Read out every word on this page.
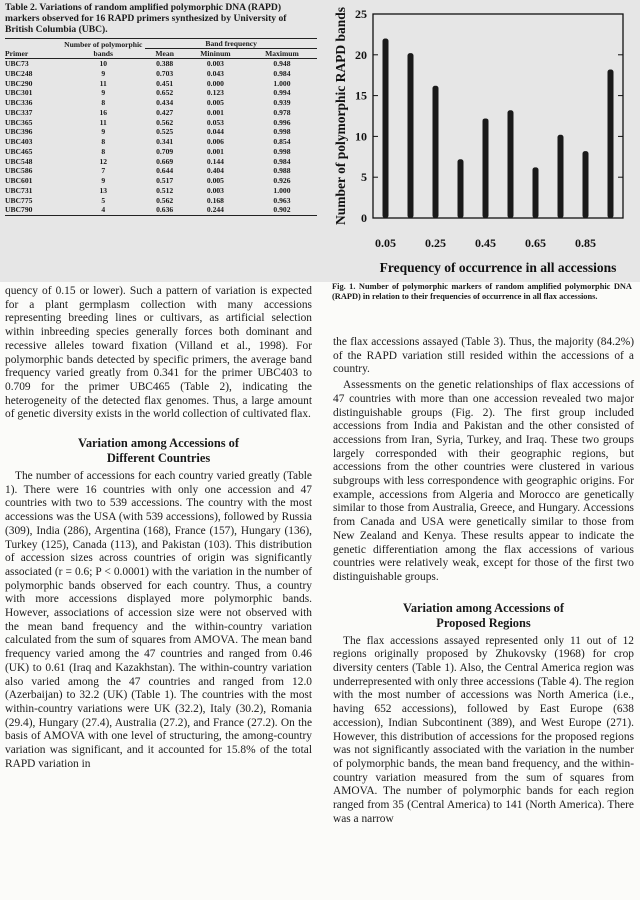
Table 2. Variations of random amplified polymorphic DNA (RAPD) markers observed for 16 RAPD primers synthesized by University of British Columbia (UBC).

Primer	Number of polymorphic bands	Band frequency		
		Mean	Mininum	Maximum

UBC73	10	0.388	0.003	0.948
UBC248	9	0.703	0.043	0.984
UBC290	11	0.451	0.000	1.000
UBC301	9	0.652	0.123	0.994
UBC336	8	0.434	0.005	0.939
UBC337	16	0.427	0.001	0.978
UBC365	11	0.562	0.053	0.996
UBC396	9	0.525	0.044	0.998
UBC403	8	0.341	0.006	0.854
UBC465	8	0.709	0.001	0.998
UBC548	12	0.669	0.144	0.984
UBC586	7	0.644	0.404	0.988
UBC601	9	0.517	0.005	0.926
UBC731	13	0.512	0.003	1.000
UBC775	5	0.562	0.168	0.963
UBC790	4	0.636	0.244	0.902

0
5
10
15
20
25
0.05 0.25 0.45 0.65 0.85
Frequency of occurrence in all accessions
Number of polymorphic RAPD bands
Fig. 1. Number of polymorphic markers of random amplified polymorphic DNA (RAPD) in relation to their frequencies of occurrence in all flax accessions.

quency of 0.15 or lower). Such a pattern of variation is expected for a plant germplasm collection with many accessions representing breeding lines or cultivars, as artificial selection within inbreeding species generally forces both dominant and recessive alleles toward fixation (Villand et al., 1998). For polymorphic bands detected by specific primers, the average band frequency varied greatly from 0.341 for the primer UBC403 to 0.709 for the primer UBC465 (Table 2), indicating the heterogeneity of the detected flax genomes. Thus, a large amount of genetic diversity exists in the world collection of cultivated flax.

Variation among Accessions of
Different Countries

The number of accessions for each country varied greatly (Table 1). There were 16 countries with only one accession and 47 countries with two to 539 accessions. The country with the most accessions was the USA (with 539 accessions), followed by Russia (309), India (286), Argentina (168), France (157), Hungary (136), Turkey (125), Canada (113), and Pakistan (103). This distribution of accession sizes across countries of origin was significantly associated (r = 0.6; P < 0.0001) with the variation in the number of polymorphic bands observed for each country. Thus, a country with more accessions displayed more polymorphic bands. However, associations of accession size were not observed with the mean band frequency and the within-country variation calculated from the sum of squares from AMOVA. The mean band frequency varied among the 47 countries and ranged from 0.46 (UK) to 0.61 (Iraq and Kazakhstan). The within-country variation also varied among the 47 countries and ranged from 12.0 (Azerbaijan) to 32.2 (UK) (Table 1). The countries with the most within-country variations were UK (32.2), Italy (30.2), Romania (29.4), Hungary (27.4), Australia (27.2), and France (27.2). On the basis of AMOVA with one level of structuring, the among-country variation was significant, and it accounted for 15.8% of the total RAPD variation in

the flax accessions assayed (Table 3). Thus, the majority (84.2%) of the RAPD variation still resided within the accessions of a country.

Assessments on the genetic relationships of flax accessions of 47 countries with more than one accession revealed two major distinguishable groups (Fig. 2). The first group included accessions from India and Pakistan and the other consisted of accessions from Iran, Syria, Turkey, and Iraq. These two groups largely corresponded with their geographic regions, but accessions from the other countries were clustered in various subgroups with less correspondence with geographic origins. For example, accessions from Algeria and Morocco are genetically similar to those from Australia, Greece, and Hungary. Accessions from Canada and USA were genetically similar to those from New Zealand and Kenya. These results appear to indicate the genetic differentiation among the flax accessions of various countries were relatively weak, except for those of the first two distinguishable groups.

Variation among Accessions of
Proposed Regions

The flax accessions assayed represented only 11 out of 12 regions originally proposed by Zhukovsky (1968) for crop diversity centers (Table 1). Also, the Central America region was underrepresented with only three accessions (Table 4). The region with the most number of accessions was North America (i.e., having 652 accessions), followed by East Europe (638 accession), Indian Subcontinent (389), and West Europe (271). However, this distribution of accessions for the proposed regions was not significantly associated with the variation in the number of polymorphic bands, the mean band frequency, and the within-country variation measured from the sum of squares from AMOVA. The number of polymorphic bands for each region ranged from 35 (Central America) to 141 (North America). There was a narrow
